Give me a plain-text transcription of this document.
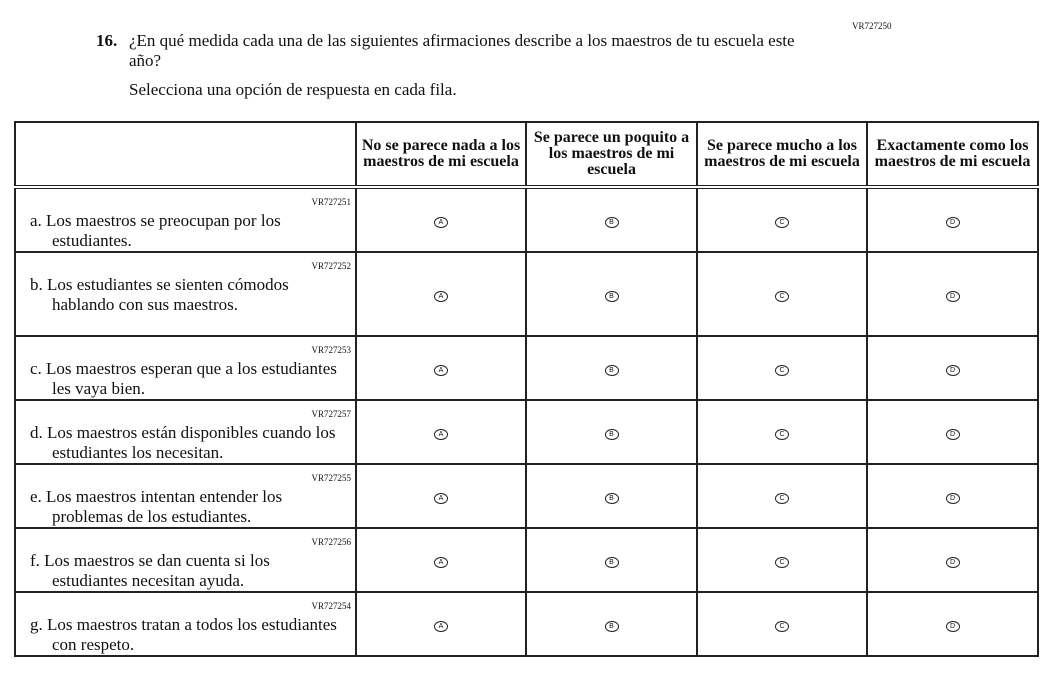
VR727250
16. ¿En qué medida cada una de las siguientes afirmaciones describe a los maestros de tu escuela este año?
Selecciona una opción de respuesta en cada fila.
	No se parece nada a los maestros de mi escuela	Se parece un poquito a los maestros de mi escuela	Se parece mucho a los maestros de mi escuela	Exactamente como los maestros de mi escuela

VR727251
a. Los maestros se preocupan por los estudiantes.	A	B	C	D

VR727252
b. Los estudiantes se sienten cómodos hablando con sus maestros.	A	B	C	D

VR727253
c. Los maestros esperan que a los estudiantes les vaya bien.	A	B	C	D

VR727257
d. Los maestros están disponibles cuando los estudiantes los necesitan.	A	B	C	D

VR727255
e. Los maestros intentan entender los problemas de los estudiantes.	A	B	C	D

VR727256
f. Los maestros se dan cuenta si los estudiantes necesitan ayuda.	A	B	C	D

VR727254
g. Los maestros tratan a todos los estudiantes con respeto.	A	B	C	D
